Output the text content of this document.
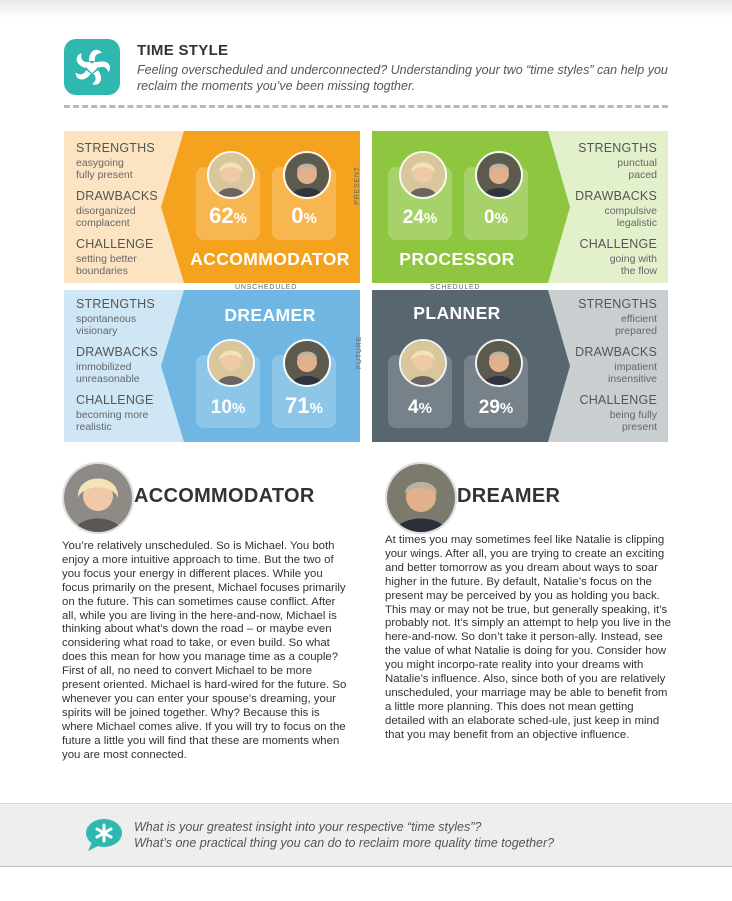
TIME STYLE
Feeling overscheduled and underconnected? Understanding your two “time styles” can help you reclaim the moments you’ve been missing togther.
PRESENT
FUTURE
UNSCHEDULED	SCHEDULED
STRENGTHS
easygoing
fully present
DRAWBACKS
disorganized
complacent
CHALLENGE
setting better
boundaries
STRENGTHS
punctual
paced
DRAWBACKS
compulsive
legalistic
CHALLENGE
going with
the flow
STRENGTHS
spontaneous
visionary
DRAWBACKS
immobilized
unreasonable
CHALLENGE
becoming more
realistic
STRENGTHS
efficient
prepared
DRAWBACKS
impatient
insensitive
CHALLENGE
being fully
present
62%	0%
ACCOMMODATOR
24%	0%
PROCESSOR
DREAMER
10%	71%
PLANNER
4%	29%
ACCOMMODATOR
You’re relatively unscheduled. So is Michael. You both enjoy a more intuitive approach to time. But the two of you focus your energy in different places. While you focus primarily on the present, Michael focuses primarily on the future. This can sometimes cause conflict. After all, while you are living in the here-and-now, Michael is thinking about what’s down the road – or maybe even considering what road to take, or even build. So what does this mean for how you manage time as a couple? First of all, no need to convert Michael to be more present oriented. Michael is hard-wired for the future. So whenever you can enter your spouse’s dreaming, your spirits will be joined together. Why? Because this is where Michael comes alive. If you will try to focus on the future a little you will find that these are moments when you are most connected.
DREAMER
At times you may sometimes feel like Natalie is clipping your wings. After all, you are trying to create an exciting and better tomorrow as you dream about ways to soar higher in the future. By default, Natalie’s focus on the present may be perceived by you as holding you back. This may or may not be true, but generally speaking, it’s probably not. It’s simply an attempt to help you live in the here-and-now. So don’t take it person-ally. Instead, see the value of what Natalie is doing for you. Consider how you might incorpo-rate reality into your dreams with Natalie’s influence. Also, since both of you are relatively unscheduled, your marriage may be able to benefit from a little more planning. This does not mean getting detailed with an elaborate sched-ule, just keep in mind that you may benefit from an objective influence.
What is your greatest insight into your respective “time styles”?
What’s one practical thing you can do to reclaim more quality time together?
